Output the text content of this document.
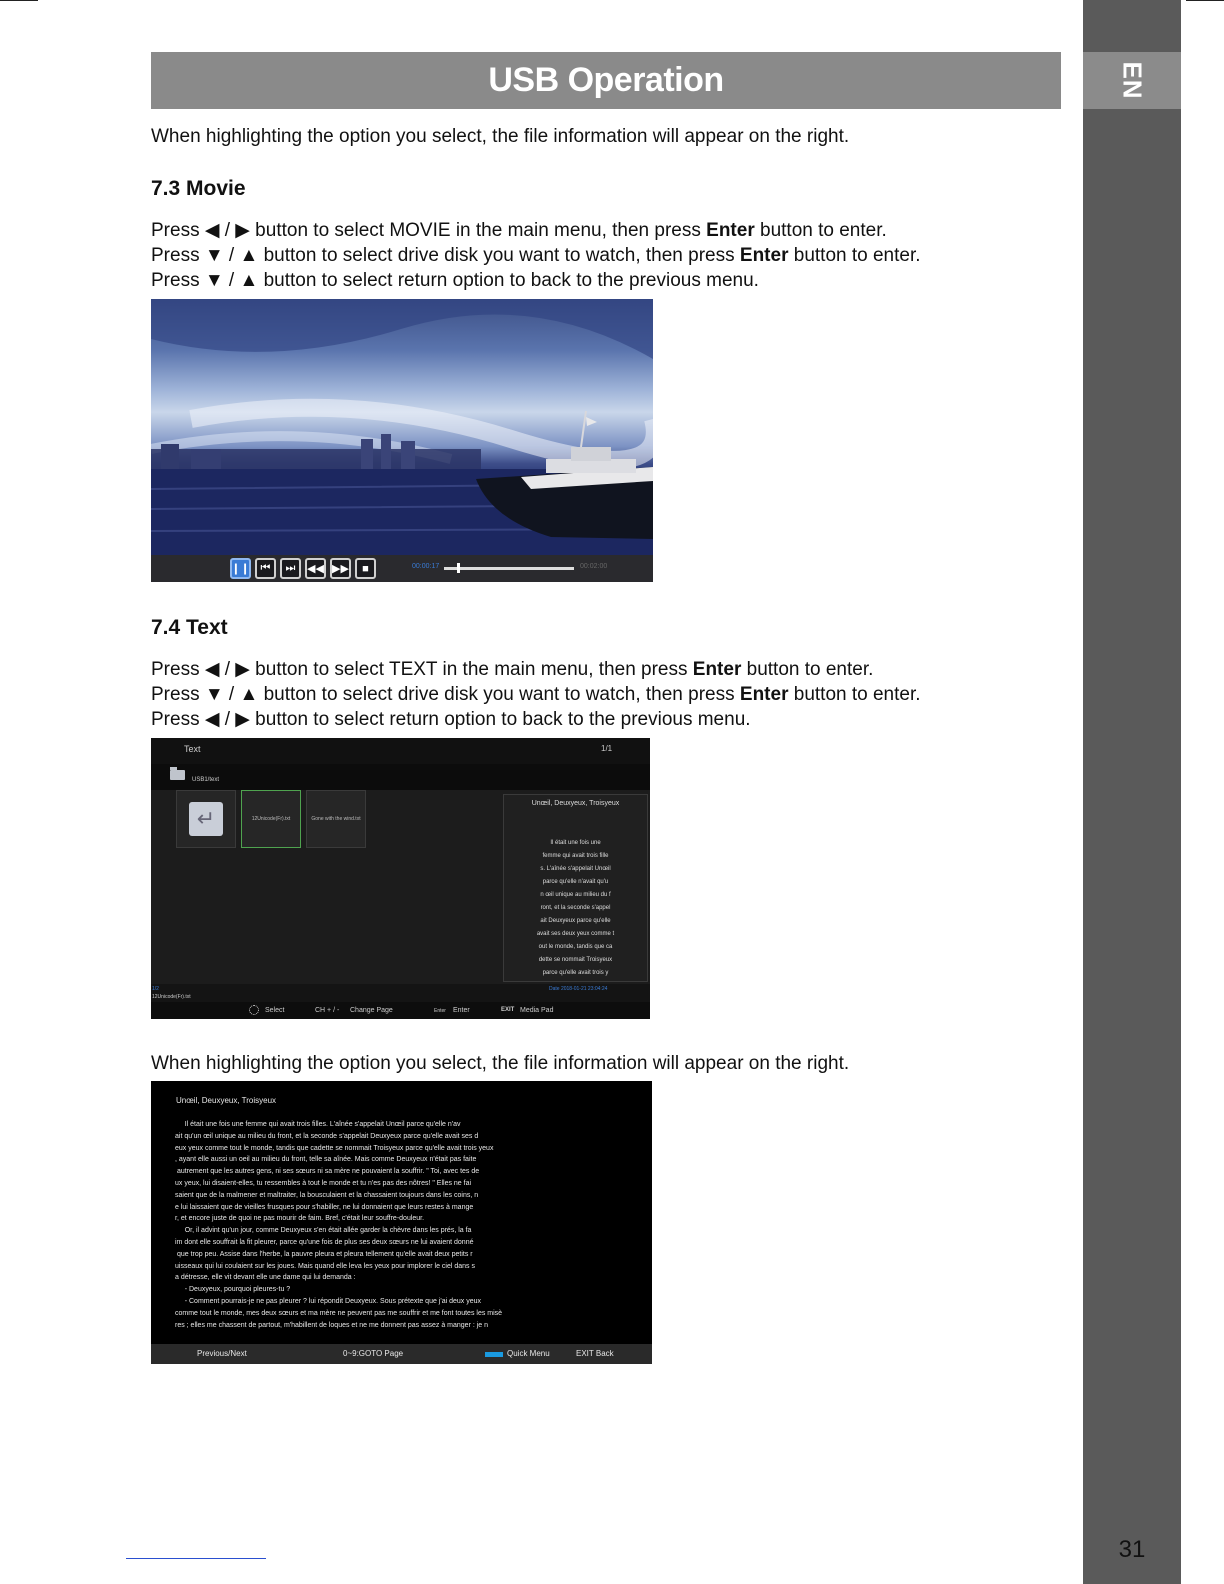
EN
31
USB Operation
When highlighting the option you select, the file information will appear on the right.
7.3 Movie
Press ◀ / ▶ button to select MOVIE in the main menu, then press Enter button to enter.
Press ▼ / ▲ button to select drive disk you want to watch, then press Enter button to enter.
Press ▼ / ▲ button to select return option to back to the previous menu.
❙❙ ⏮	⏭	◀◀ ▶▶	■	00:00:17	00:02:00
7.4 Text
Press ◀ / ▶ button to select TEXT in the main menu, then press Enter button to enter.
Press ▼ / ▲ button to select drive disk you want to watch, then press Enter button to enter.
Press ◀ / ▶ button to select return option to back to the previous menu.
Text	1/1
USB1/text
↵	12Unicode(Fr).txt	Gone with the wind.txt
Unœil, Deuxyeux, Troisyeux
Il était une fois une
femme qui avait trois fille
s. L'aînée s'appelait Unœil
parce qu'elle n'avait qu'u
n œil unique au milieu du f
ront, et la seconde s'appel
ait Deuxyeux parce qu'elle
avait ses deux yeux comme t
out le monde, tandis que ca
dette se nommait Troisyeux
parce qu'elle avait trois y
1/2
12Unicode(Fr).txt
Date 2018-01-21 23:04:24
Select	CH + / - Change Page	Enter Enter	EXIT Media Pad
When highlighting the option you select, the file information will appear on the right.
Unœil, Deuxyeux, Troisyeux
Il était une fois une femme qui avait trois filles. L'aînée s'appelait Unœil parce qu'elle n'av
ait qu'un œil unique au milieu du front, et la seconde s'appelait Deuxyeux parce qu'elle avait ses d
eux yeux comme tout le monde, tandis que cadette se nommait Troisyeux parce qu'elle avait trois yeux
, ayant elle aussi un oeil au milieu du front, telle sa aînée. Mais comme Deuxyeux n'était pas faite
autrement que les autres gens, ni ses sœurs ni sa mère ne pouvaient la souffrir. " Toi, avec tes de
ux yeux, lui disaient-elles, tu ressembles à tout le monde et tu n'es pas des nôtres! " Elles ne fai
saient que de la malmener et maltraiter, la bousculaient et la chassaient toujours dans les coins, n
e lui laissaient que de vieilles frusques pour s'habiller, ne lui donnaient que leurs restes à mange
r, et encore juste de quoi ne pas mourir de faim. Bref, c'était leur souffre-douleur.
Or, il advint qu'un jour, comme Deuxyeux s'en était allée garder la chèvre dans les prés, la fa
im dont elle souffrait la fit pleurer, parce qu'une fois de plus ses deux sœurs ne lui avaient donné
que trop peu. Assise dans l'herbe, la pauvre pleura et pleura tellement qu'elle avait deux petits r
uisseaux qui lui coulaient sur les joues. Mais quand elle leva les yeux pour implorer le ciel dans s
a détresse, elle vit devant elle une dame qui lui demanda :
- Deuxyeux, pourquoi pleures-tu ?
- Comment pourrais-je ne pas pleurer ? lui répondit Deuxyeux. Sous prétexte que j'ai deux yeux
comme tout le monde, mes deux sœurs et ma mère ne peuvent pas me souffrir et me font toutes les misè
res ; elles me chassent de partout, m'habillent de loques et ne me donnent pas assez à manger : je n
Previous/Next	0~9:GOTO Page	Quick Menu	EXIT Back
